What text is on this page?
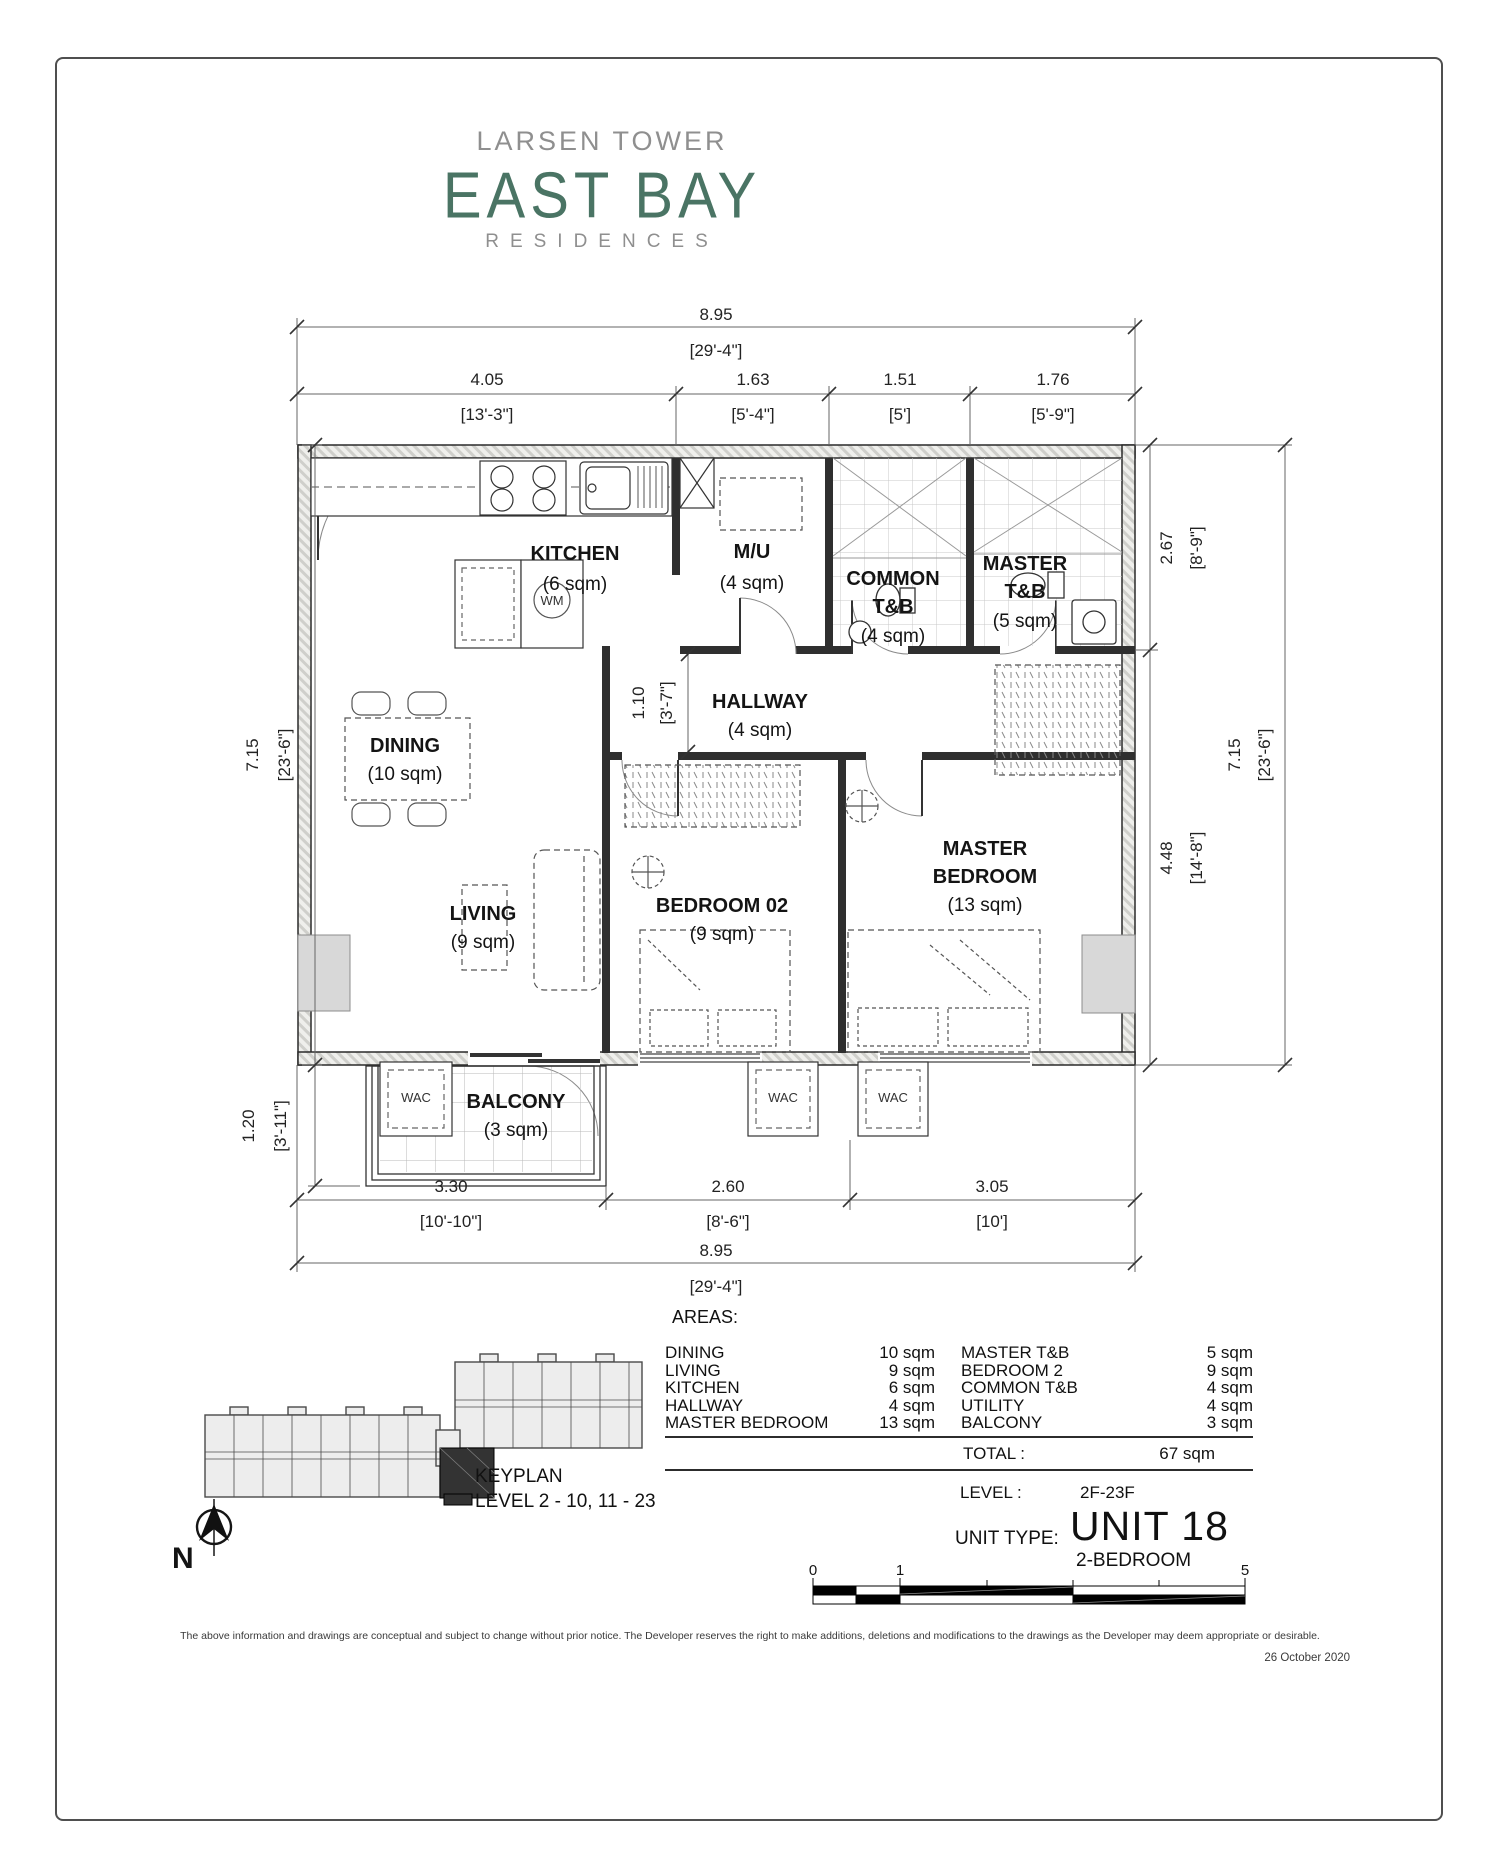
LARSEN TOWER
EAST BAY
RESIDENCES
WM
WAC	WAC	WAC
KITCHEN
(6 sqm)
M/U
(4 sqm)	COMMON
T&B
(4 sqm)
MASTER
T&B
(5 sqm)
HALLWAY
(4 sqm)
DINING
(10 sqm)
LIVING
(9 sqm)
BEDROOM 02
(9 sqm)
MASTER
BEDROOM
(13 sqm)
BALCONY
(3 sqm)
8.95
[29'-4"]
4.05	1.63	1.51	1.76
[13'-3"]	[5'-4"]	[5']	[5'-9"]
3.30	2.60	3.05
[10'-10"]	[8'-6"]	[10']
8.95
[29'-4"]
7.15 [23'-6"]
1.20 [3'-11"]
2.67 [8'-9"]
7.15 [23'-6"]
4.48 [14'-8"]
1.10 [3'-7"]
N	0	1	5
AREAS:
DINING	10 sqm MASTER T&B	5 sqm
LIVING	9 sqm BEDROOM 2	9 sqm
KITCHEN	6 sqm COMMON T&B	4 sqm
HALLWAY	4 sqm UTILITY	4 sqm
MASTER BEDROOM	13 sqm BALCONY	3 sqm
TOTAL :	67 sqm
LEVEL :	2F-23F
UNIT TYPE: UNIT 18
2-BEDROOM
KEYPLAN
LEVEL 2 - 10, 11 - 23
The above information and drawings are conceptual and subject to change without prior notice. The Developer reserves the right to make additions, deletions and modifications to the drawings as the Developer may deem appropriate or desirable.
26 October 2020
